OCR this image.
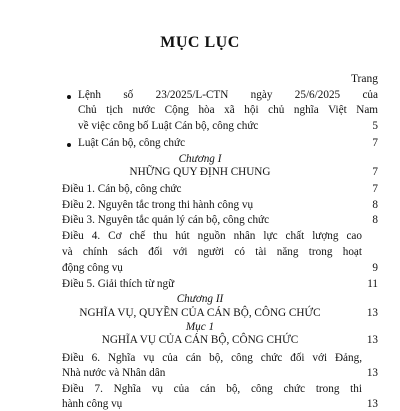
MỤC LỤC
Trang
Lệnh số 23/2025/L-CTN ngày 25/6/2025 của
Chủ tịch nước Cộng hòa xã hội chủ nghĩa Việt Nam
về việc công bố Luật Cán bộ, công chức	5
Luật Cán bộ, công chức	7
Chương I
NHỮNG QUY ĐỊNH CHUNG	7
Điều 1. Cán bộ, công chức	7
Điều 2. Nguyên tắc trong thi hành công vụ	8
Điều 3. Nguyên tắc quản lý cán bộ, công chức	8
Điều 4. Cơ chế thu hút nguồn nhân lực chất lượng cao
và chính sách đối với người có tài năng trong hoạt
động công vụ	9
Điều 5. Giải thích từ ngữ	11
Chương II
NGHĨA VỤ, QUYỀN CỦA CÁN BỘ, CÔNG CHỨC	13
Mục 1
NGHĨA VỤ CỦA CÁN BỘ, CÔNG CHỨC	13
Điều 6. Nghĩa vụ của cán bộ, công chức đối với Đảng,
Nhà nước và Nhân dân	13
Điều 7. Nghĩa vụ của cán bộ, công chức trong thi
hành công vụ	13
